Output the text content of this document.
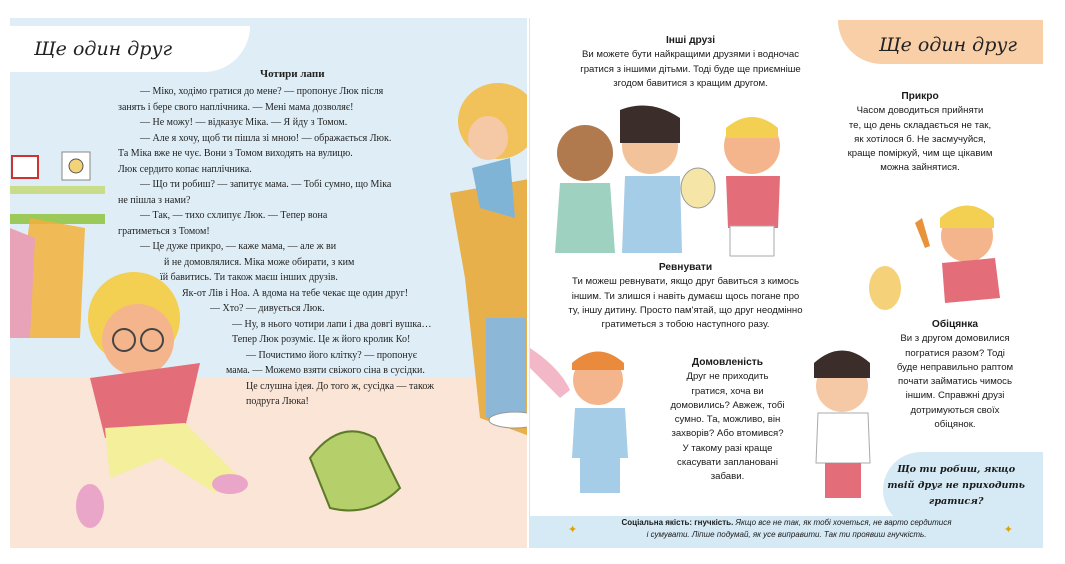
Ще один друг
Чотири лапи
— Міко, ходімо гратися до мене? — пропонує Люк після
занять і бере свого наплічника. — Мені мама дозволяє!
— Не можу! — відказує Міка. — Я йду з Томом.
— Але я хочу, щоб ти пішла зі мною! — ображається Люк.
Та Міка вже не чує. Вони з Томом виходять на вулицю.
Люк сердито копає наплічника.
— Що ти робиш? — запитує мама. — Тобі сумно, що Міка
не пішла з нами?
— Так, — тихо схлипує Люк. — Тепер вона
гратиметься з Томом!
— Це дуже прикро, — каже мама, — але ж ви
й не домовлялися. Міка може обирати, з ким
їй бавитись. Ти також маєш інших друзів.
Як-от Лів і Ноа. А вдома на тебе чекає ще один друг!
— Хто? — дивується Люк.
— Ну, в нього чотири лапи і два довгі вушка…
Тепер Люк розуміє. Це ж його кролик Ко!
— Почистимо його клітку? — пропонує
мама. — Можемо взяти свіжого сіна в сусідки.
Це слушна ідея. До того ж, сусідка — також
подруга Люка!
Ще один друг
Інші друзі
Ви можете бути найкращими друзями і водночас
гратися з іншими дітьми. Тоді буде ще приємніше
згодом бавитися з кращим другом.
Прикро
Часом доводиться прийняти
те, що день складається не так,
як хотілося б. Не засмучуйся,
краще поміркуй, чим ще цікавим
можна зайнятися.
Ревнувати
Ти можеш ревнувати, якщо друг бавиться з кимось
іншим. Ти злишся і навіть думаєш щось погане про
ту, іншу дитину. Просто пам'ятай, що друг неодмінно
гратиметься з тобою наступного разу.
Домовленість
Друг не приходить
гратися, хоча ви
домовились? Авжеж, тобі
сумно. Та, можливо, він
захворів? Або втомився?
У такому разі краще
скасувати заплановані
забави.
Обіцянка
Ви з другом домовилися
погратися разом? Тоді
буде неправильно раптом
почати займатись чимось
іншим. Справжні друзі
дотримуються своїх
обіцянок.
Що ти робиш, якщо
твій друг не приходить
гратися?
✦	✦
Соціальна якість: гнучкість. Якщо все не так, як тобі хочеться, не варто сердитися
і сумувати. Ліпше подумай, як усе виправити. Так ти проявиш гнучкість.
